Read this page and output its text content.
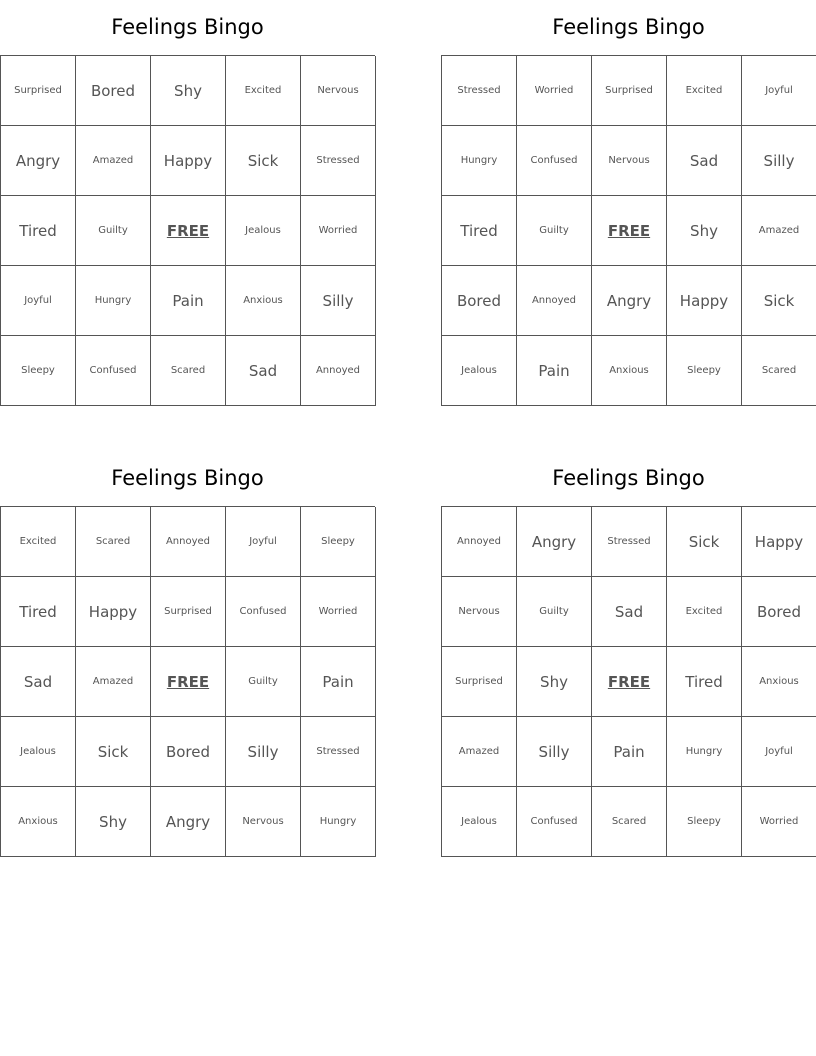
Feelings Bingo
Surprised	Bored	Shy	Excited	Nervous
Angry	Amazed	Happy	Sick	Stressed
Tired	Guilty	FREE	Jealous	Worried
Joyful	Hungry	Pain	Anxious	Silly
Sleepy	Confused	Scared	Sad	Annoyed
Feelings Bingo
Stressed	Worried	Surprised	Excited	Joyful
Hungry	Confused	Nervous	Sad	Silly
Tired	Guilty	FREE	Shy	Amazed
Bored	Annoyed	Angry	Happy	Sick
Jealous	Pain	Anxious	Sleepy	Scared
Feelings Bingo
Excited	Scared	Annoyed	Joyful	Sleepy
Tired	Happy	Surprised	Confused	Worried
Sad	Amazed	FREE	Guilty	Pain
Jealous	Sick	Bored	Silly	Stressed
Anxious	Shy	Angry	Nervous	Hungry
Feelings Bingo
Annoyed	Angry	Stressed	Sick	Happy
Nervous	Guilty	Sad	Excited	Bored
Surprised	Shy	FREE	Tired	Anxious
Amazed	Silly	Pain	Hungry	Joyful
Jealous	Confused	Scared	Sleepy	Worried
